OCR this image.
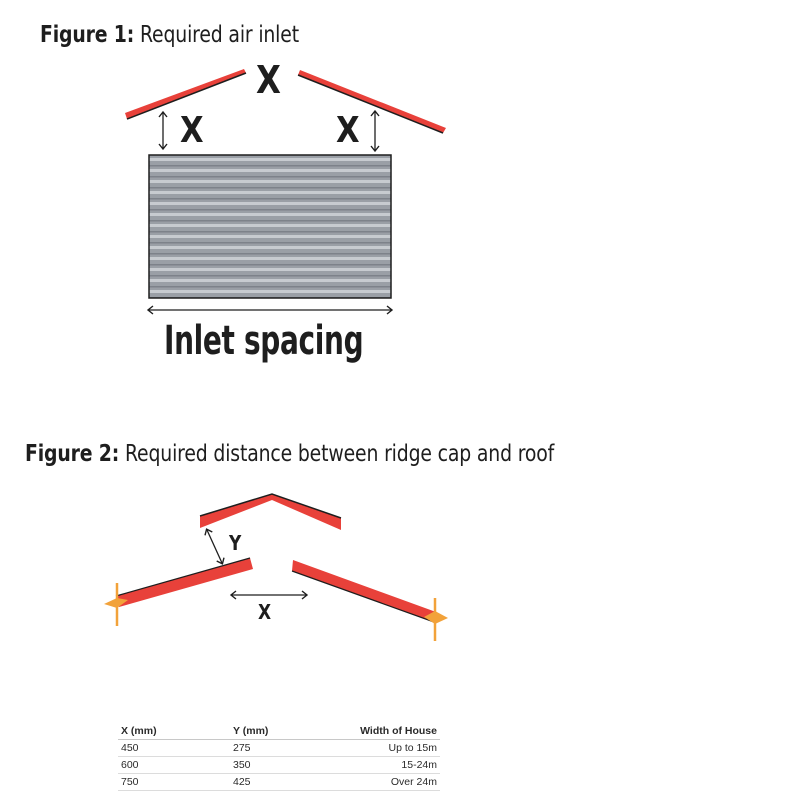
Figure 1: Required air inlet
X
X	X
Inlet spacing
Figure 2: Required distance between ridge cap and roof
Y
X
X (mm)	Y (mm)	Width of House
450	275	Up to 15m
600	350	15-24m
750	425	Over 24m
